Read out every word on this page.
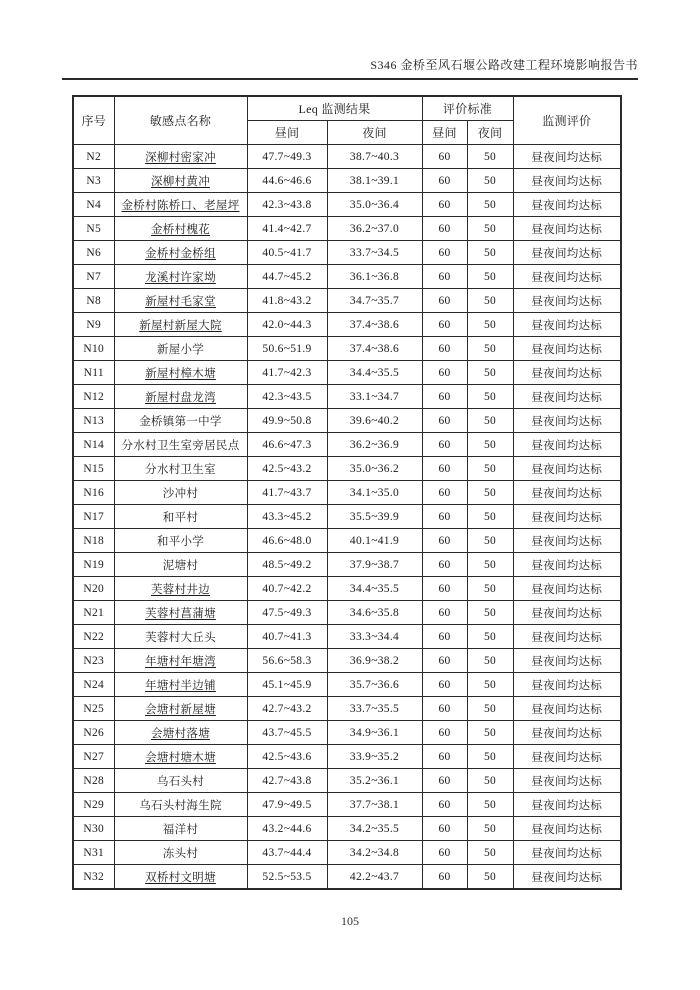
S346 金桥至风石堰公路改建工程环境影响报告书
序号	敏感点名称	Leq 监测结果		评价标准		监测评价
		昼间	夜间	昼间	夜间	
N2	深柳村密家冲	47.7~49.3	38.7~40.3	60	50	昼夜间均达标
N3	深柳村黄冲	44.6~46.6	38.1~39.1	60	50	昼夜间均达标
N4	金桥村陈桥口、老屋坪	42.3~43.8	35.0~36.4	60	50	昼夜间均达标
N5	金桥村槐花	41.4~42.7	36.2~37.0	60	50	昼夜间均达标
N6	金桥村金桥组	40.5~41.7	33.7~34.5	60	50	昼夜间均达标
N7	龙溪村许家坳	44.7~45.2	36.1~36.8	60	50	昼夜间均达标
N8	新屋村毛家堂	41.8~43.2	34.7~35.7	60	50	昼夜间均达标
N9	新屋村新屋大院	42.0~44.3	37.4~38.6	60	50	昼夜间均达标
N10	新屋小学	50.6~51.9	37.4~38.6	60	50	昼夜间均达标
N11	新屋村樟木塘	41.7~42.3	34.4~35.5	60	50	昼夜间均达标
N12	新屋村盘龙湾	42.3~43.5	33.1~34.7	60	50	昼夜间均达标
N13	金桥镇第一中学	49.9~50.8	39.6~40.2	60	50	昼夜间均达标
N14	分水村卫生室旁居民点	46.6~47.3	36.2~36.9	60	50	昼夜间均达标
N15	分水村卫生室	42.5~43.2	35.0~36.2	60	50	昼夜间均达标
N16	沙冲村	41.7~43.7	34.1~35.0	60	50	昼夜间均达标
N17	和平村	43.3~45.2	35.5~39.9	60	50	昼夜间均达标
N18	和平小学	46.6~48.0	40.1~41.9	60	50	昼夜间均达标
N19	泥塘村	48.5~49.2	37.9~38.7	60	50	昼夜间均达标
N20	芙蓉村井边	40.7~42.2	34.4~35.5	60	50	昼夜间均达标
N21	芙蓉村菖蒲塘	47.5~49.3	34.6~35.8	60	50	昼夜间均达标
N22	芙蓉村大丘头	40.7~41.3	33.3~34.4	60	50	昼夜间均达标
N23	年塘村年塘湾	56.6~58.3	36.9~38.2	60	50	昼夜间均达标
N24	年塘村半边铺	45.1~45.9	35.7~36.6	60	50	昼夜间均达标
N25	会塘村新屋塘	42.7~43.2	33.7~35.5	60	50	昼夜间均达标
N26	会塘村落塘	43.7~45.5	34.9~36.1	60	50	昼夜间均达标
N27	会塘村塘木塘	42.5~43.6	33.9~35.2	60	50	昼夜间均达标
N28	乌石头村	42.7~43.8	35.2~36.1	60	50	昼夜间均达标
N29	乌石头村海生院	47.9~49.5	37.7~38.1	60	50	昼夜间均达标
N30	福洋村	43.2~44.6	34.2~35.5	60	50	昼夜间均达标
N31	冻头村	43.7~44.4	34.2~34.8	60	50	昼夜间均达标
N32	双桥村文明塘	52.5~53.5	42.2~43.7	60	50	昼夜间均达标
105
